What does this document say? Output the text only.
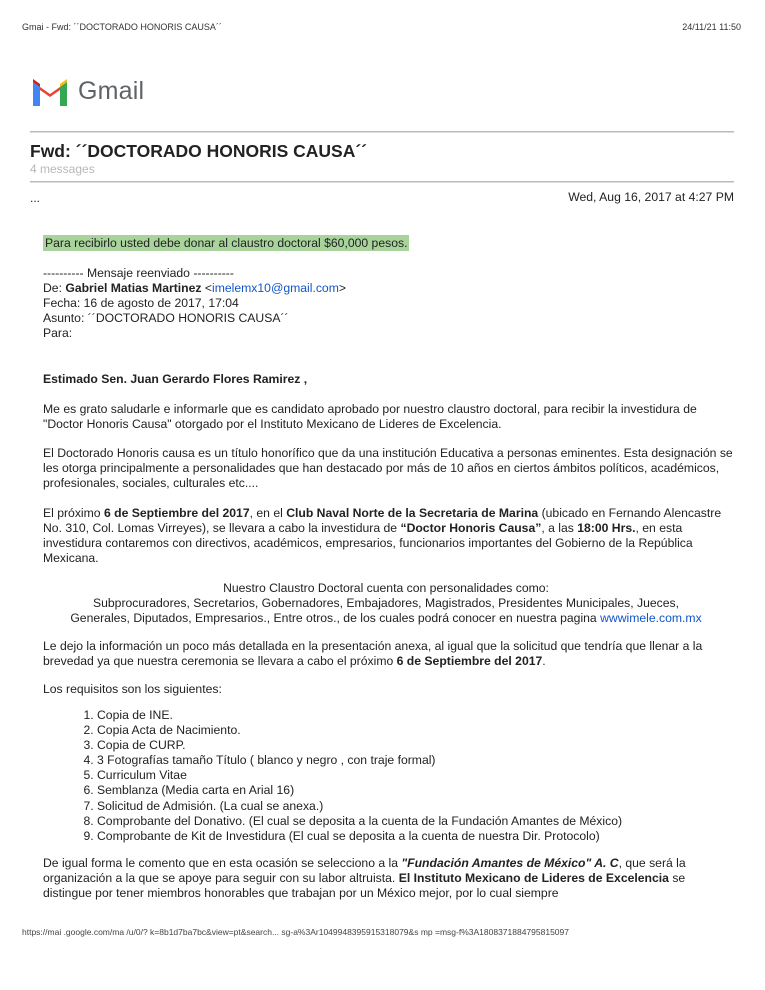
Gmai - Fwd: ´´DOCTORADO HONORIS CAUSA´´	24/11/21 11:50
Gmail
Fwd: ´´DOCTORADO HONORIS CAUSA´´
4 messages
...	Wed, Aug 16, 2017 at 4:27 PM
Para recibirlo usted debe donar al claustro doctoral $60,000 pesos.
---------- Mensaje reenviado ----------
De: Gabriel Matias Martinez <imelemx10@gmail.com>
Fecha: 16 de agosto de 2017, 17:04
Asunto: ´´DOCTORADO HONORIS CAUSA´´
Para:
Estimado Sen. Juan Gerardo Flores Ramirez ,
Me es grato saludarle e informarle que es candidato aprobado por nuestro claustro doctoral, para recibir la investidura de "Doctor Honoris Causa" otorgado por el Instituto Mexicano de Lideres de Excelencia.
El Doctorado Honoris causa es un título honorífico que da una institución Educativa a personas eminentes. Esta designación se les otorga principalmente a personalidades que han destacado por más de 10 años en ciertos ámbitos políticos, académicos, profesionales, sociales, culturales etc....
El próximo 6 de Septiembre del 2017, en el Club Naval Norte de la Secretaria de Marina (ubicado en Fernando Alencastre No. 310, Col. Lomas Virreyes), se llevara a cabo la investidura de “Doctor Honoris Causa”, a las 18:00 Hrs., en esta investidura contaremos con directivos, académicos, empresarios, funcionarios importantes del Gobierno de la República Mexicana.
Nuestro Claustro Doctoral cuenta con personalidades como:
Subprocuradores, Secretarios, Gobernadores, Embajadores, Magistrados, Presidentes Municipales, Jueces,
Generales, Diputados, Empresarios., Entre otros., de los cuales podrá conocer en nuestra pagina wwwimele.com.mx
Le dejo la información un poco más detallada en la presentación anexa, al igual que la solicitud que tendría que llenar a la brevedad ya que nuestra ceremonia se llevara a cabo el próximo 6 de Septiembre del 2017.
Los requisitos son los siguientes:
1. Copia de INE.
2. Copia Acta de Nacimiento.
3. Copia de CURP.
4. 3 Fotografías tamaño Título ( blanco y negro , con traje formal)
5. Curriculum Vitae
6. Semblanza (Media carta en Arial 16)
7. Solicitud de Admisión. (La cual se anexa.)
8. Comprobante del Donativo. (El cual se deposita a la cuenta de la Fundación Amantes de México)
9. Comprobante de Kit de Investidura (El cual se deposita a la cuenta de nuestra Dir. Protocolo)
De igual forma le comento que en esta ocasión se selecciono a la "Fundación Amantes de México" A. C, que será la organización a la que se apoye para seguir con su labor altruista. El Instituto Mexicano de Lideres de Excelencia se distingue por tener miembros honorables que trabajan por un México mejor, por lo cual siempre
https://mai .google.com/ma /u/0/? k=8b1d7ba7bc&view=pt&search... sg-a%3Ar1049948395915318079&s mp =msg-f%3A1808371884795815097
